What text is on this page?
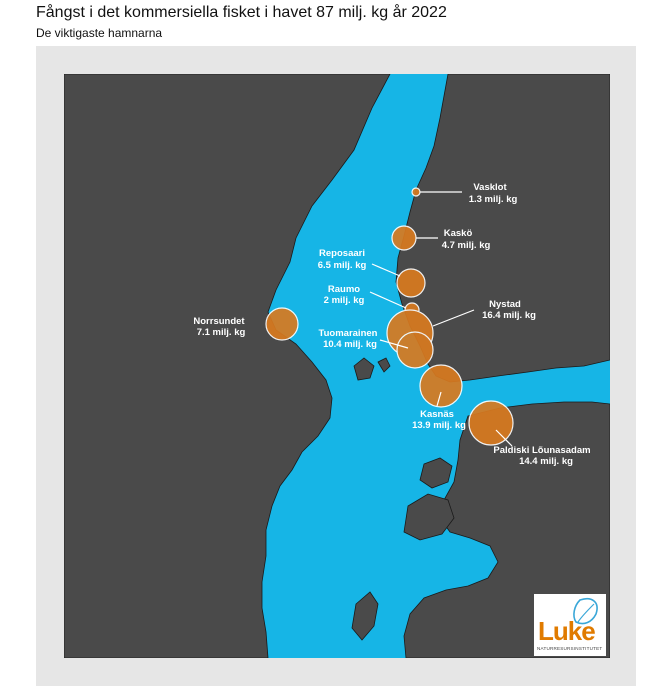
Fångst i det kommersiella fisket i havet 87 milj. kg år 2022
De viktigaste hamnarna
Vasklot
1.3 milj. kg
Kaskö
4.7 milj. kg
Reposaari
6.5 milj. kg
Raumo
2 milj. kg	Nystad
16.4 milj. kg
Norrsundet
7.1 milj. kg	Tuomarainen
10.4 milj. kg
Kasnäs
13.9 milj. kg
Paldiski Lõunasadam
14.4 milj. kg
Luke
NATURRESURSINSTITUTET
